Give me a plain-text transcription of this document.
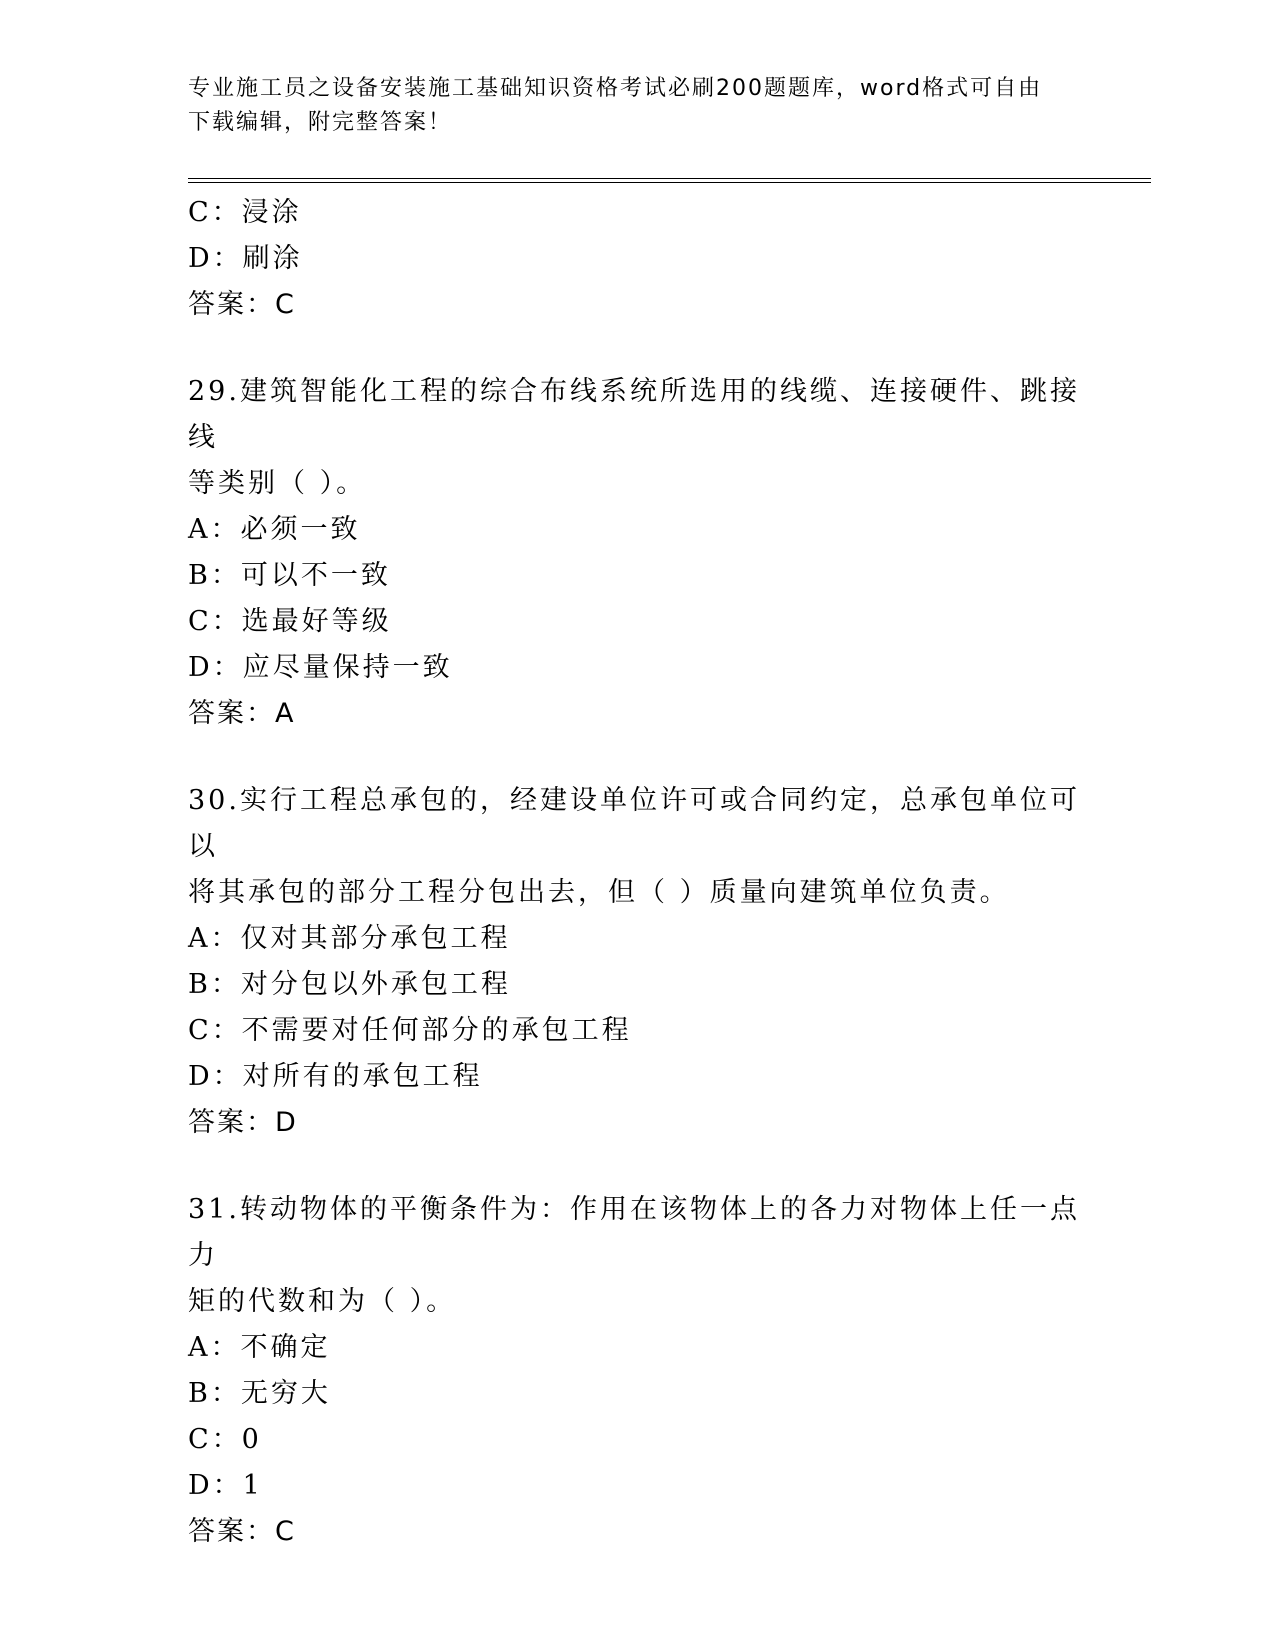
专业施工员之设备安装施工基础知识资格考试必刷200题题库，word格式可自由
下载编辑，附完整答案！
C：浸涂
D：刷涂
答案：C
29.建筑智能化工程的综合布线系统所选用的线缆、连接硬件、跳接线
等类别（ ）。
A：必须一致
B：可以不一致
C：选最好等级
D：应尽量保持一致
答案：A
30.实行工程总承包的，经建设单位许可或合同约定，总承包单位可以
将其承包的部分工程分包出去，但（ ）质量向建筑单位负责。
A：仅对其部分承包工程
B：对分包以外承包工程
C：不需要对任何部分的承包工程
D：对所有的承包工程
答案：D
31.转动物体的平衡条件为：作用在该物体上的各力对物体上任一点力
矩的代数和为（ ）。
A：不确定
B：无穷大
C：0
D：1
答案：C
